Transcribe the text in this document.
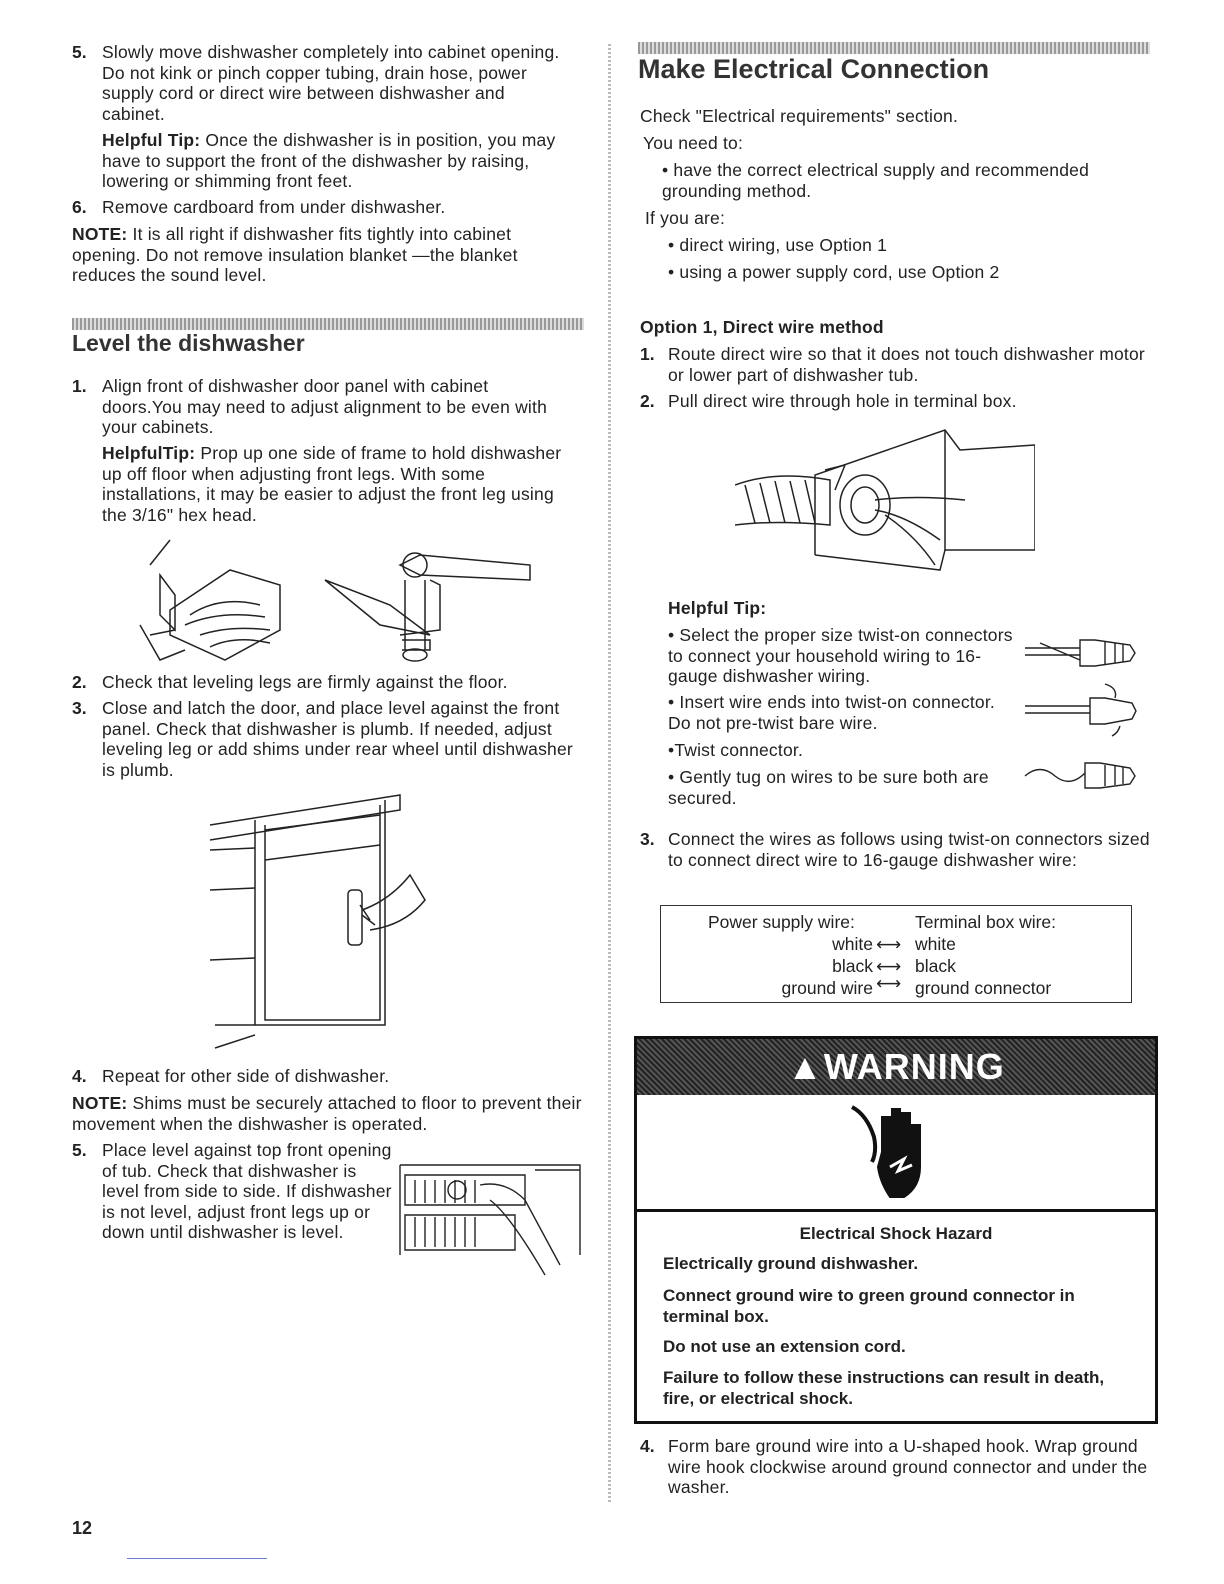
5. Slowly move dishwasher completely into cabinet opening. Do not kink or pinch copper tubing, drain hose, power supply cord or direct wire between dishwasher and cabinet.
Helpful Tip: Once the dishwasher is in position, you may have to support the front of the dishwasher by raising, lowering or shimming front feet.
6. Remove cardboard from under dishwasher.
NOTE: It is all right if dishwasher fits tightly into cabinet opening. Do not remove insulation blanket —the blanket reduces the sound level.
Level the dishwasher
1. Align front of dishwasher door panel with cabinet doors.You may need to adjust alignment to be even with your cabinets.
HelpfulTip: Prop up one side of frame to hold dishwasher up off floor when adjusting front legs. With some installations, it may be easier to adjust the front leg using the 3/16" hex head.
2. Check that leveling legs are firmly against the floor.
3. Close and latch the door, and place level against the front panel. Check that dishwasher is plumb. If needed, adjust leveling leg or add shims under rear wheel until dishwasher is plumb.
4. Repeat for other side of dishwasher.
NOTE: Shims must be securely attached to floor to prevent their movement when the dishwasher is operated.
5. Place level against top front opening of tub. Check that dishwasher is level from side to side. If dishwasher is not level, adjust front legs up or down until dishwasher is level.
Make Electrical Connection
Check "Electrical requirements" section.
You need to:
• have the correct electrical supply and recommended grounding method.
If you are:
• direct wiring, use Option 1
• using a power supply cord, use Option 2
Option 1, Direct wire method
1. Route direct wire so that it does not touch dishwasher motor or lower part of dishwasher tub.
2. Pull direct wire through hole in terminal box.
Helpful Tip:
• Select the proper size twist-on connectors to connect your household wiring to 16-gauge dishwasher wiring.
• Insert wire ends into twist-on connector. Do not pre-twist bare wire.
•Twist connector.
• Gently tug on wires to be sure both are secured.
3. Connect the wires as follows using twist-on connectors sized to connect direct wire to 16-gauge dishwasher wire:
Power supply wire:	Terminal box wire:
white ⟷ white
black ⟷ black
ground wire ⟷ ground connector
▲WARNING
Electrical Shock Hazard
Electrically ground dishwasher.
Connect ground wire to green ground connector in terminal box.
Do not use an extension cord.
Failure to follow these instructions can result in death, fire, or electrical shock.
4. Form bare ground wire into a U-shaped hook. Wrap ground wire hook clockwise around ground connector and under the washer.
12
